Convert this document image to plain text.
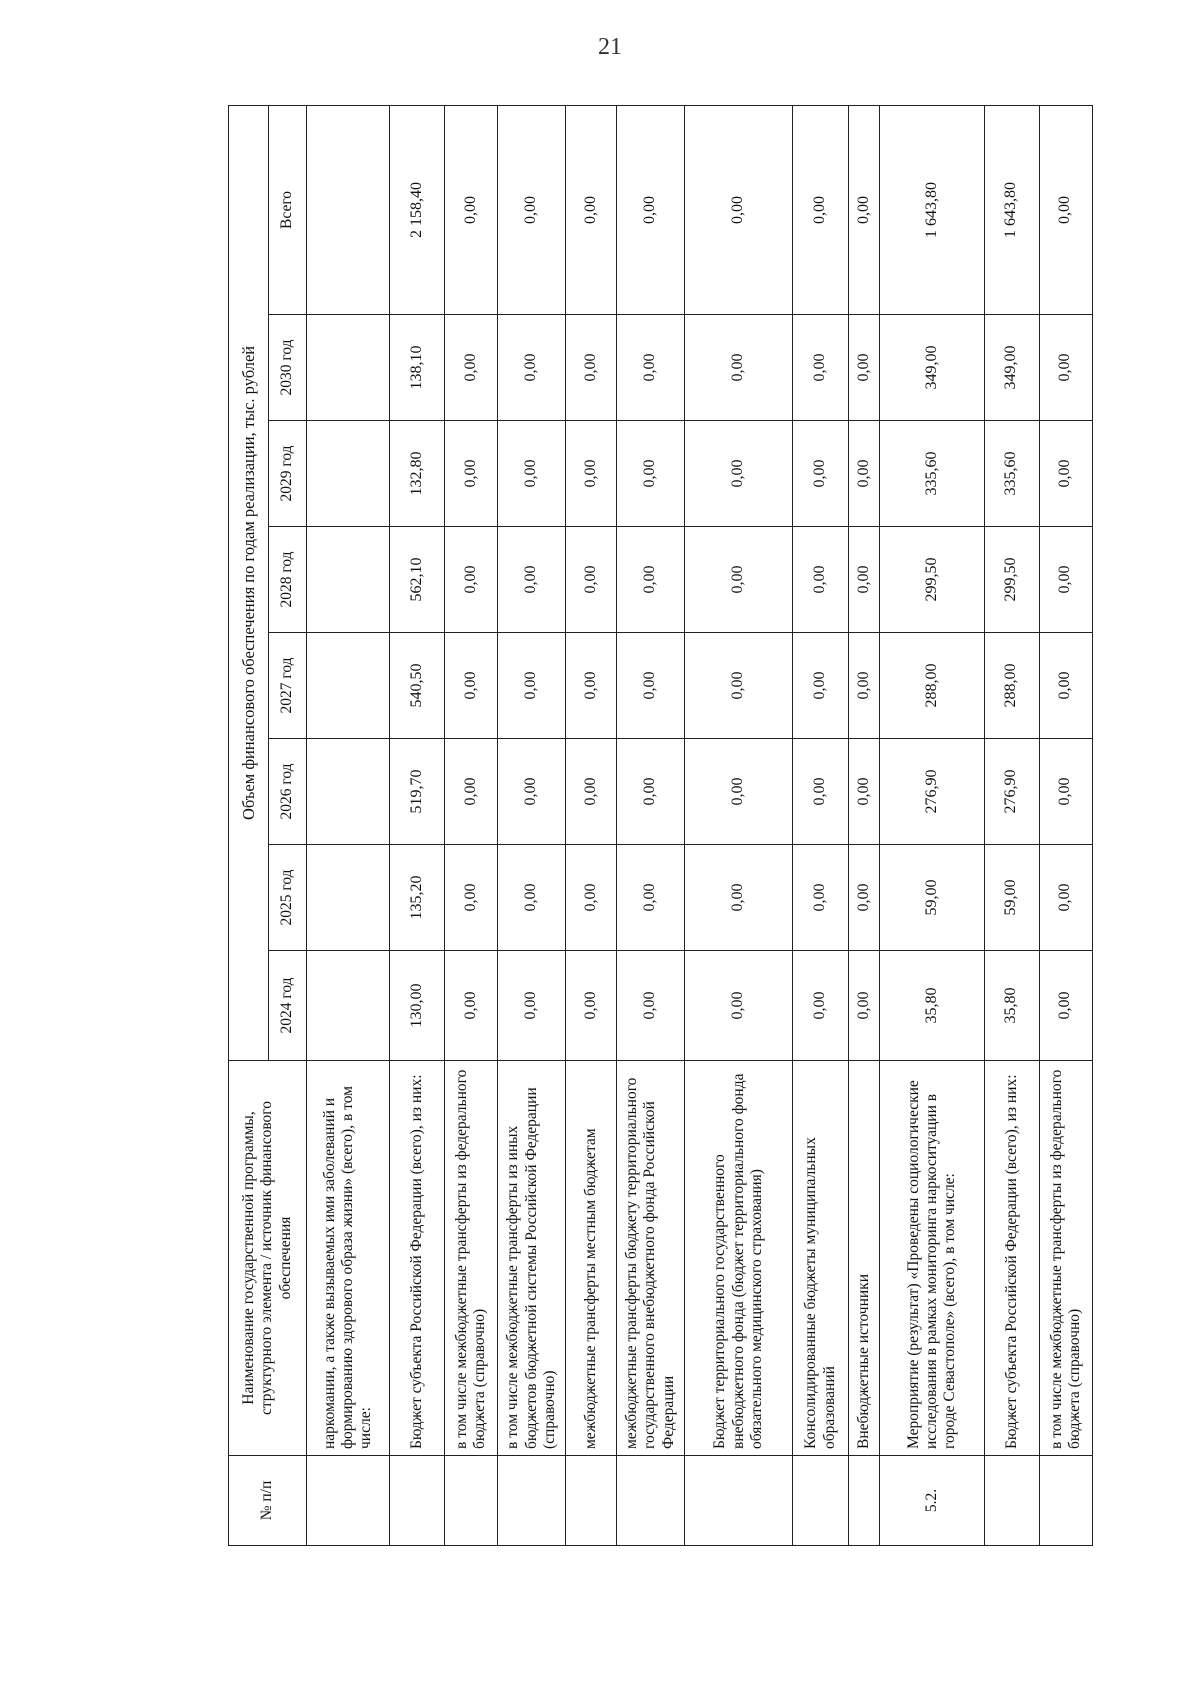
21
№ п/п	Наименование государственной программы, структурного элемента / источник финансового обеспечения	Объем финансового обеспечения по годам реализации, тыс. рублей							
		2024 год	2025 год	2026 год	2027 год	2028 год	2029 год	2030 год	Всего
	наркомании, а также вызываемых ими заболеваний и формированию здорового образа жизни» (всего), в том числе:								
	Бюджет субъекта Российской Федерации (всего), из них:	130,00	135,20	519,70	540,50	562,10	132,80	138,10	2 158,40
	в том числе межбюджетные трансферты из федерального бюджета (справочно)	0,00	0,00	0,00	0,00	0,00	0,00	0,00	0,00
	в том числе межбюджетные трансферты из иных бюджетов бюджетной системы Российской Федерации (справочно)	0,00	0,00	0,00	0,00	0,00	0,00	0,00	0,00
	межбюджетные трансферты местным бюджетам	0,00	0,00	0,00	0,00	0,00	0,00	0,00	0,00
	межбюджетные трансферты бюджету территориального государственного внебюджетного фонда Российской Федерации	0,00	0,00	0,00	0,00	0,00	0,00	0,00	0,00
	Бюджет территориального государственного внебюджетного фонда (бюджет территориального фонда обязательного медицинского страхования)	0,00	0,00	0,00	0,00	0,00	0,00	0,00	0,00
	Консолидированные бюджеты муниципальных образований	0,00	0,00	0,00	0,00	0,00	0,00	0,00	0,00
	Внебюджетные источники	0,00	0,00	0,00	0,00	0,00	0,00	0,00	0,00
5.2.	Мероприятие (результат) «Проведены социологические исследования в рамках мониторинга наркоситуации в городе Севастополе» (всего), в том числе:	35,80	59,00	276,90	288,00	299,50	335,60	349,00	1 643,80
	Бюджет субъекта Российской Федерации (всего), из них:	35,80	59,00	276,90	288,00	299,50	335,60	349,00	1 643,80
	в том числе межбюджетные трансферты из федерального бюджета (справочно)	0,00	0,00	0,00	0,00	0,00	0,00	0,00	0,00
